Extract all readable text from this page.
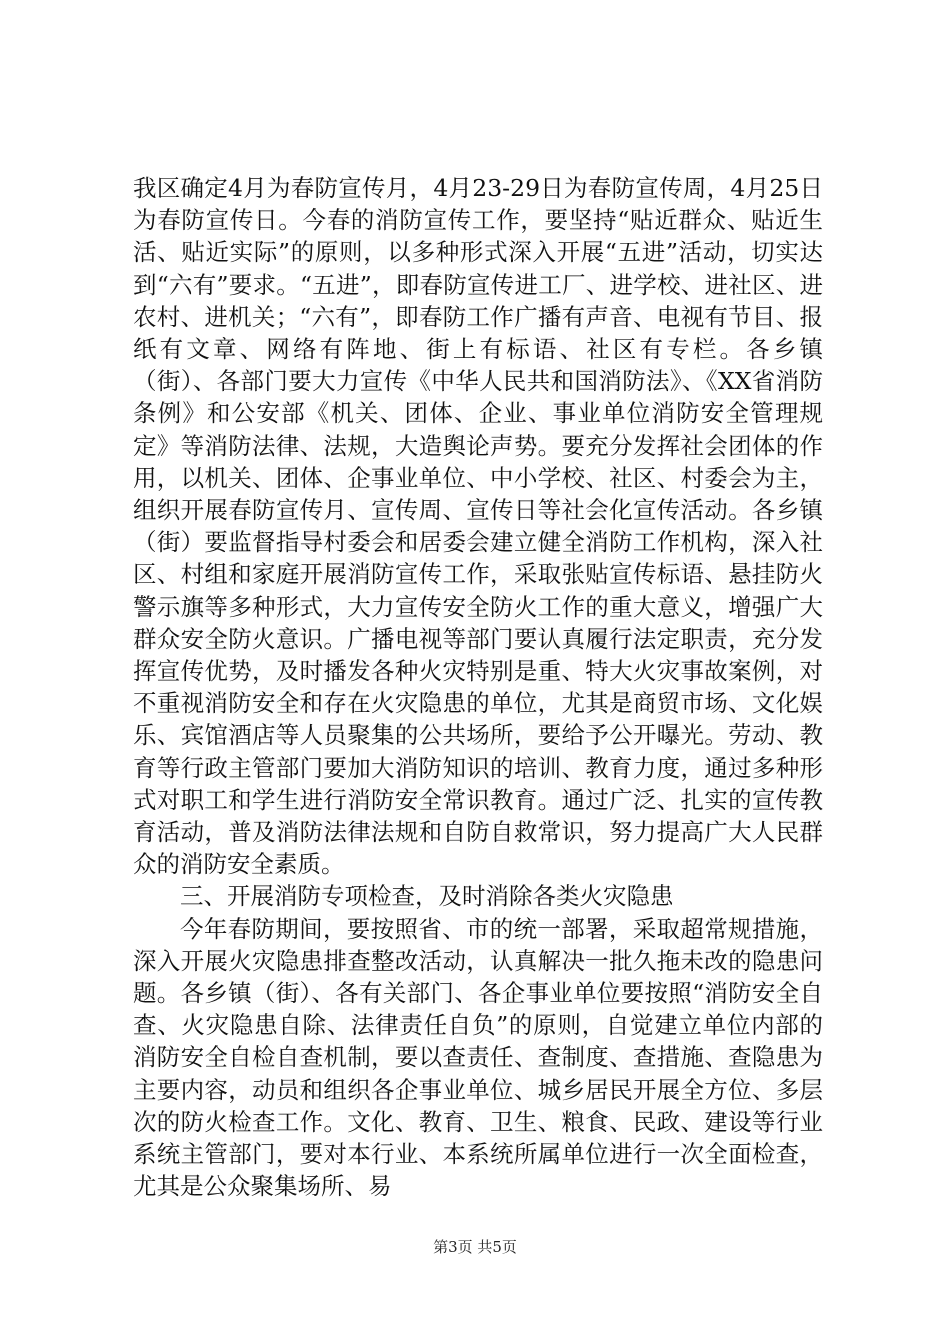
我区确定4月为春防宣传月，4月23-29日为春防宣传周，4月25日为春防宣传日。今春的消防宣传工作，要坚持“贴近群众、贴近生活、贴近实际”的原则，以多种形式深入开展“五进”活动，切实达到“六有”要求。“五进”，即春防宣传进工厂、进学校、进社区、进农村、进机关；“六有”，即春防工作广播有声音、电视有节目、报纸有文章、网络有阵地、街上有标语、社区有专栏。各乡镇（街）、各部门要大力宣传《中华人民共和国消防法》、《XX省消防条例》和公安部《机关、团体、企业、事业单位消防安全管理规定》等消防法律、法规，大造舆论声势。要充分发挥社会团体的作用，以机关、团体、企事业单位、中小学校、社区、村委会为主，组织开展春防宣传月、宣传周、宣传日等社会化宣传活动。各乡镇（街）要监督指导村委会和居委会建立健全消防工作机构，深入社区、村组和家庭开展消防宣传工作，采取张贴宣传标语、悬挂防火警示旗等多种形式，大力宣传安全防火工作的重大意义，增强广大群众安全防火意识。广播电视等部门要认真履行法定职责，充分发挥宣传优势，及时播发各种火灾特别是重、特大火灾事故案例，对不重视消防安全和存在火灾隐患的单位，尤其是商贸市场、文化娱乐、宾馆酒店等人员聚集的公共场所，要给予公开曝光。劳动、教育等行政主管部门要加大消防知识的培训、教育力度，通过多种形式对职工和学生进行消防安全常识教育。通过广泛、扎实的宣传教育活动，普及消防法律法规和自防自救常识，努力提高广大人民群众的消防安全素质。

三、开展消防专项检查，及时消除各类火灾隐患

今年春防期间，要按照省、市的统一部署，采取超常规措施，深入开展火灾隐患排查整改活动，认真解决一批久拖未改的隐患问题。各乡镇（街）、各有关部门、各企事业单位要按照“消防安全自查、火灾隐患自除、法律责任自负”的原则，自觉建立单位内部的消防安全自检自查机制，要以查责任、查制度、查措施、查隐患为主要内容，动员和组织各企事业单位、城乡居民开展全方位、多层次的防火检查工作。文化、教育、卫生、粮食、民政、建设等行业系统主管部门，要对本行业、本系统所属单位进行一次全面检查，尤其是公众聚集场所、易

第3页 共5页
